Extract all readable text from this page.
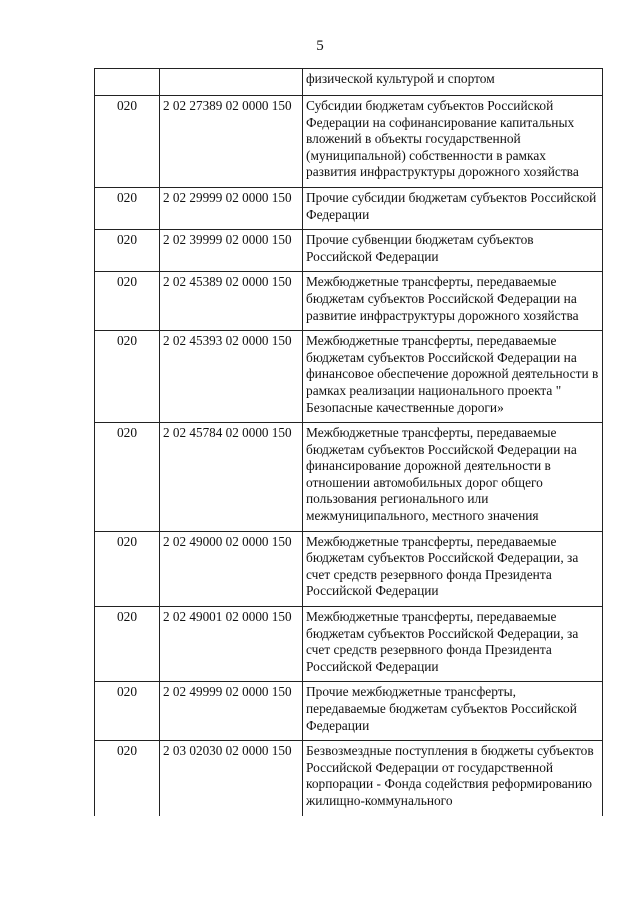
5
		физической культурой и спортом
020	2 02 27389 02 0000 150	Субсидии бюджетам субъектов Российской Федерации на софинансирование капитальных вложений в объекты государственной (муниципальной) собственности в рамках развития инфраструктуры дорожного хозяйства
020	2 02 29999 02 0000 150	Прочие субсидии бюджетам субъектов Российской Федерации
020	2 02 39999 02 0000 150	Прочие субвенции бюджетам субъектов Российской Федерации
020	2 02 45389 02 0000 150	Межбюджетные трансферты, передаваемые бюджетам субъектов Российской Федерации на развитие инфраструктуры дорожного хозяйства
020	2 02 45393 02 0000 150	Межбюджетные трансферты, передаваемые бюджетам субъектов Российской Федерации на финансовое обеспечение дорожной деятельности в рамках реализации национального проекта " Безопасные качественные дороги»
020	2 02 45784 02 0000 150	Межбюджетные трансферты, передаваемые бюджетам субъектов Российской Федерации на финансирование дорожной деятельности в отношении автомобильных дорог общего пользования регионального или межмуниципального, местного значения
020	2 02 49000 02 0000 150	Межбюджетные трансферты, передаваемые бюджетам субъектов Российской Федерации, за счет средств резервного фонда Президента Российской Федерации
020	2 02 49001 02 0000 150	Межбюджетные трансферты, передаваемые бюджетам субъектов Российской Федерации, за счет средств резервного фонда Президента Российской Федерации
020	2 02 49999 02 0000 150	Прочие межбюджетные трансферты, передаваемые бюджетам субъектов Российской Федерации
020	2 03 02030 02 0000 150	Безвозмездные поступления в бюджеты субъектов Российской Федерации от государственной корпорации - Фонда содействия реформированию жилищно-коммунального
